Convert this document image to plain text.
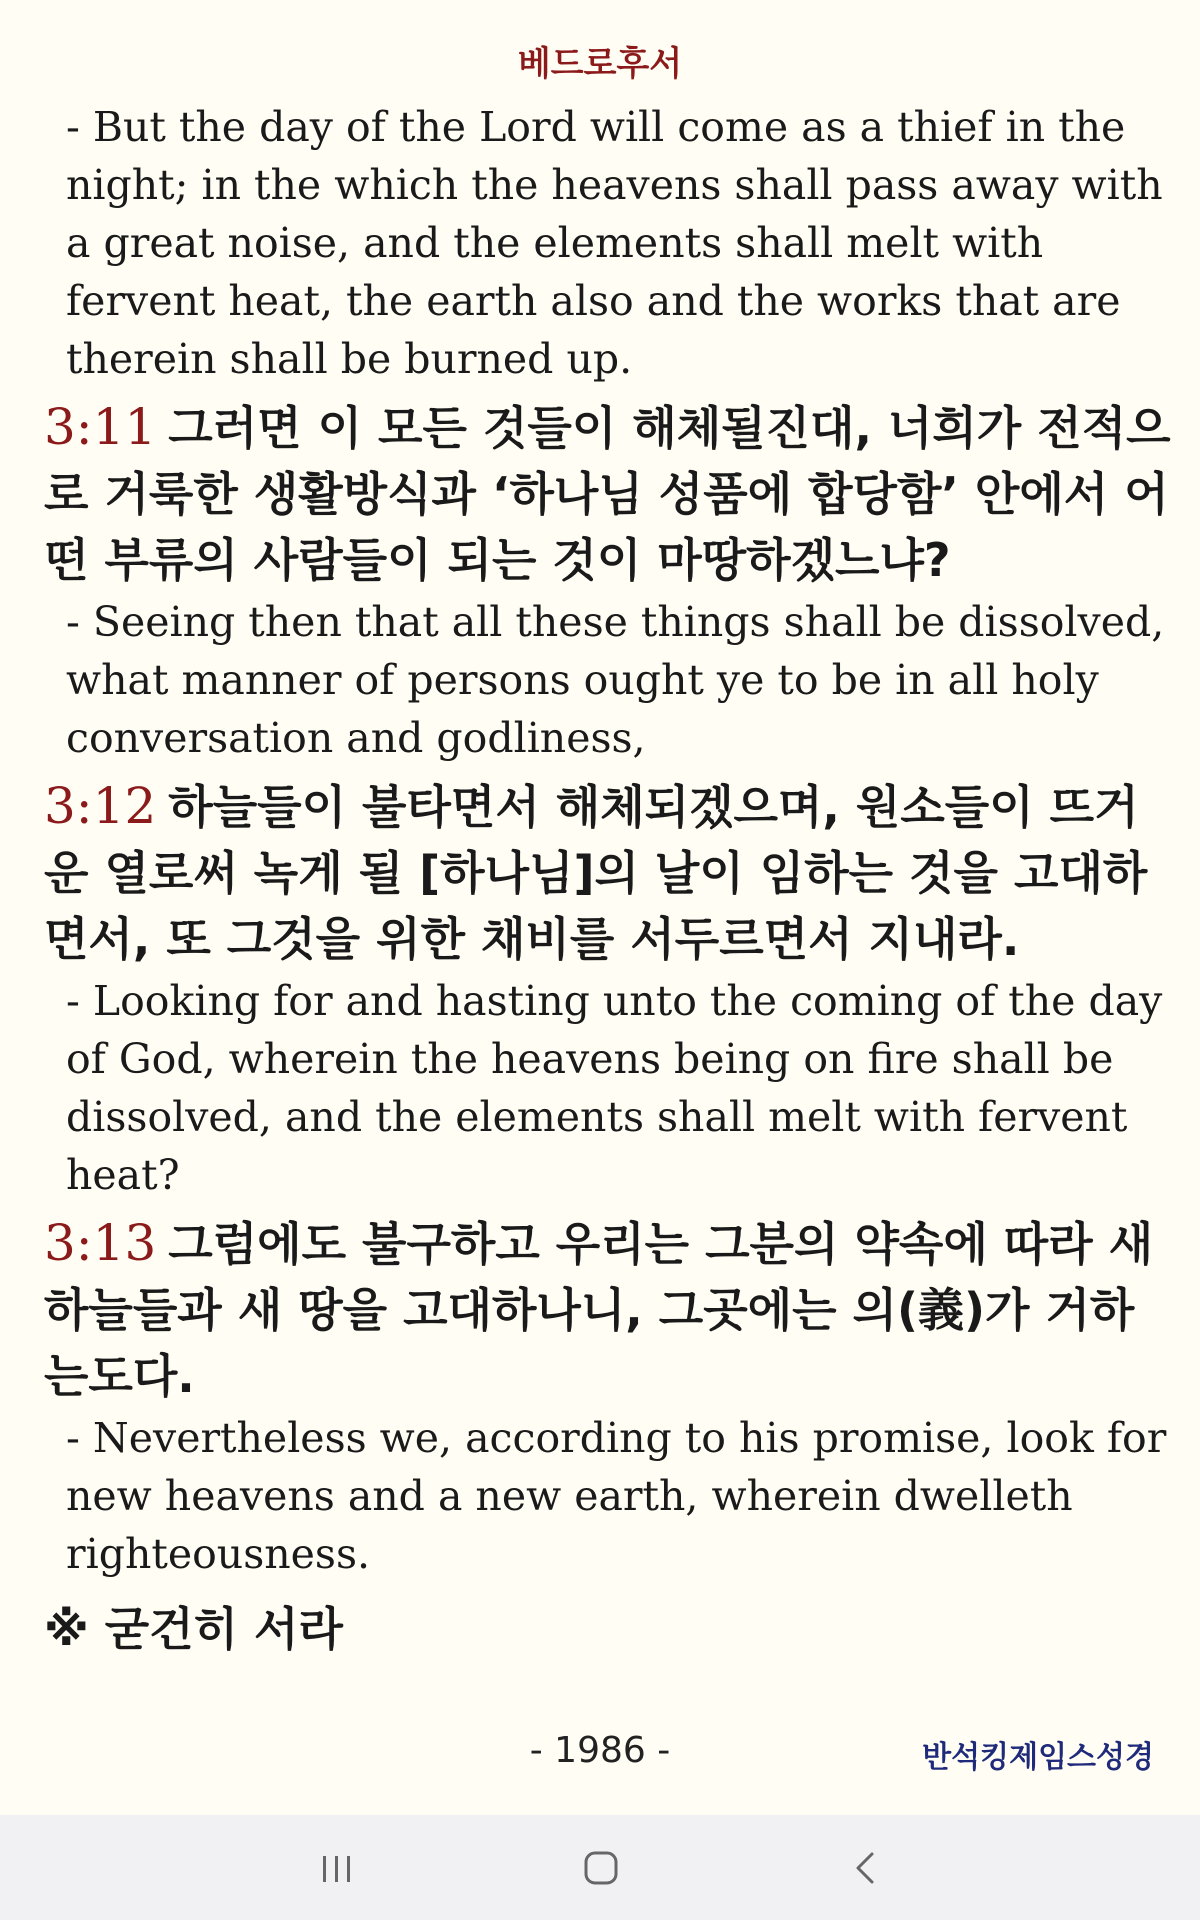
베드로후서

- But the day of the Lord will come as a thief in the night; in the which the heavens shall pass away with a great noise, and the elements shall melt with fervent heat, the earth also and the works that are therein shall be burned up.

3:11 그러면 이 모든 것들이 해체될진대, 너희가 전적으로 거룩한 생활방식과 ‘하나님 성품에 합당함’ 안에서 어떤 부류의 사람들이 되는 것이 마땅하겠느냐?

- Seeing then that all these things shall be dissolved, what manner of persons ought ye to be in all holy conversation and godliness,

3:12 하늘들이 불타면서 해체되겠으며, 원소들이 뜨거운 열로써 녹게 될 [하나님]의 날이 임하는 것을 고대하면서, 또 그것을 위한 채비를 서두르면서 지내라.

- Looking for and hasting unto the coming of the day of God, wherein the heavens being on fire shall be dissolved, and the elements shall melt with fervent heat?

3:13 그럼에도 불구하고 우리는 그분의 약속에 따라 새 하늘들과 새 땅을 고대하나니, 그곳에는 의(義)가 거하는도다.

- Nevertheless we, according to his promise, look for new heavens and a new earth, wherein dwelleth righteousness.

※ 굳건히 서라
- 1986 -	반석킹제임스성경
